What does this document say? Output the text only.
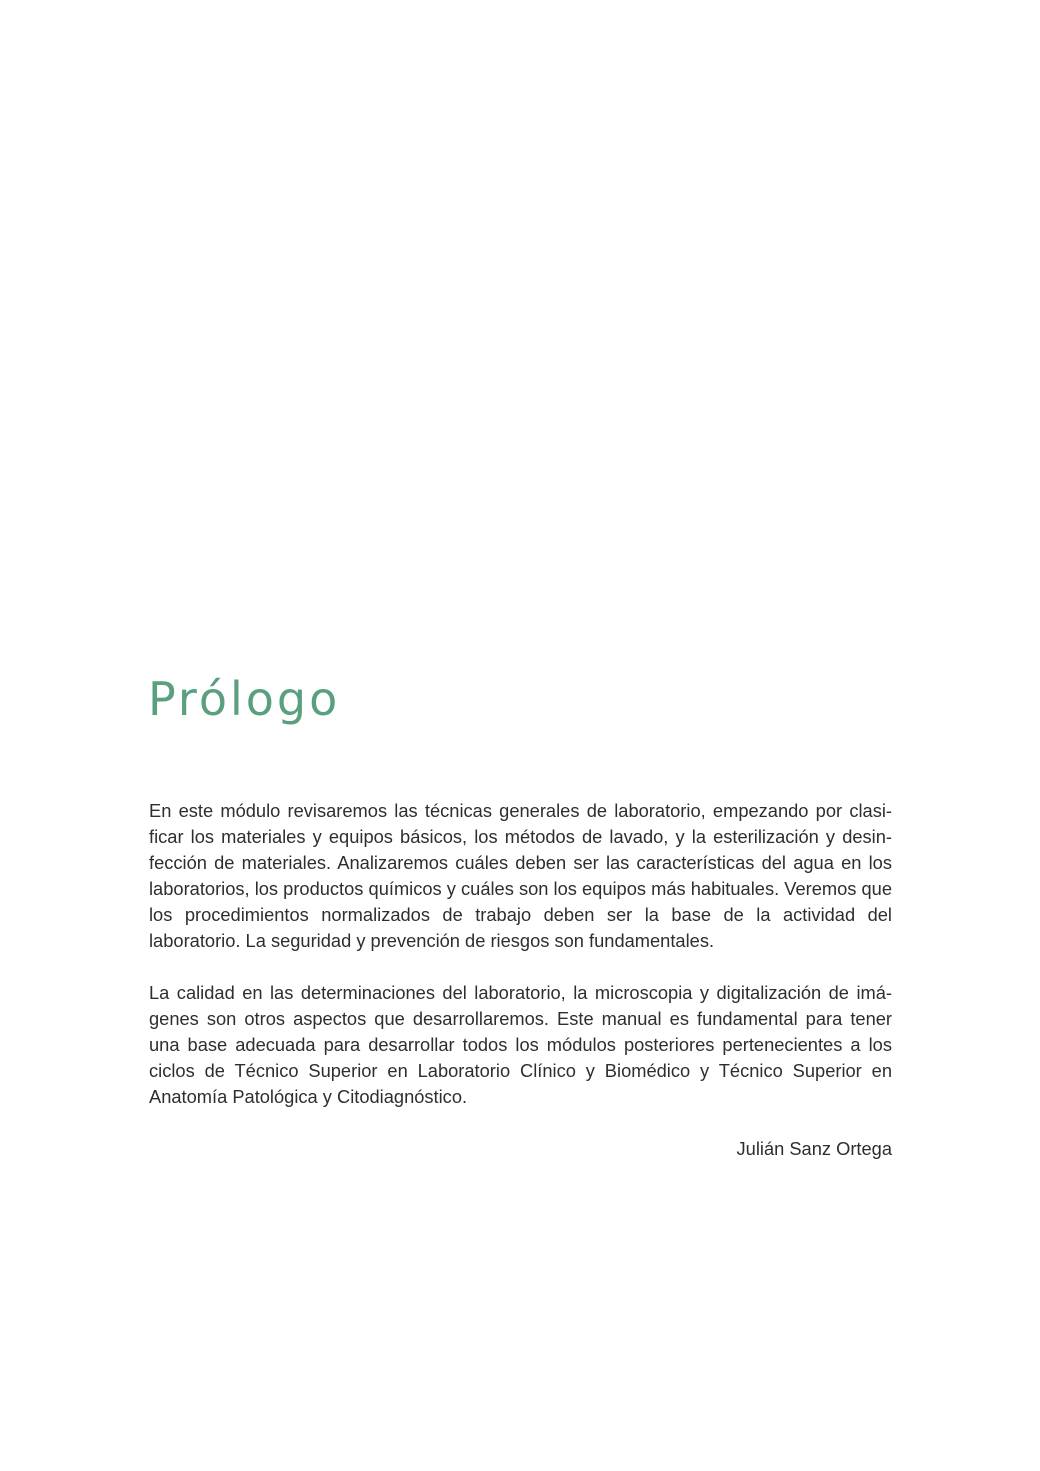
Prólogo

En este módulo revisaremos las técnicas generales de laboratorio, empezando por clasificar los materiales y equipos básicos, los métodos de lavado, y la esterilización y desinfección de materiales. Analizaremos cuáles deben ser las características del agua en los laboratorios, los productos químicos y cuáles son los equipos más habituales. Veremos que los procedimientos normalizados de trabajo deben ser la base de la actividad del laboratorio. La seguridad y prevención de riesgos son fundamentales.

La calidad en las determinaciones del laboratorio, la microscopia y digitalización de imágenes son otros aspectos que desarrollaremos. Este manual es fundamental para tener una base adecuada para desarrollar todos los módulos posteriores pertenecientes a los ciclos de Técnico Superior en Laboratorio Clínico y Biomédico y Técnico Superior en Anatomía Patológica y Citodiagnóstico.

Julián Sanz Ortega
